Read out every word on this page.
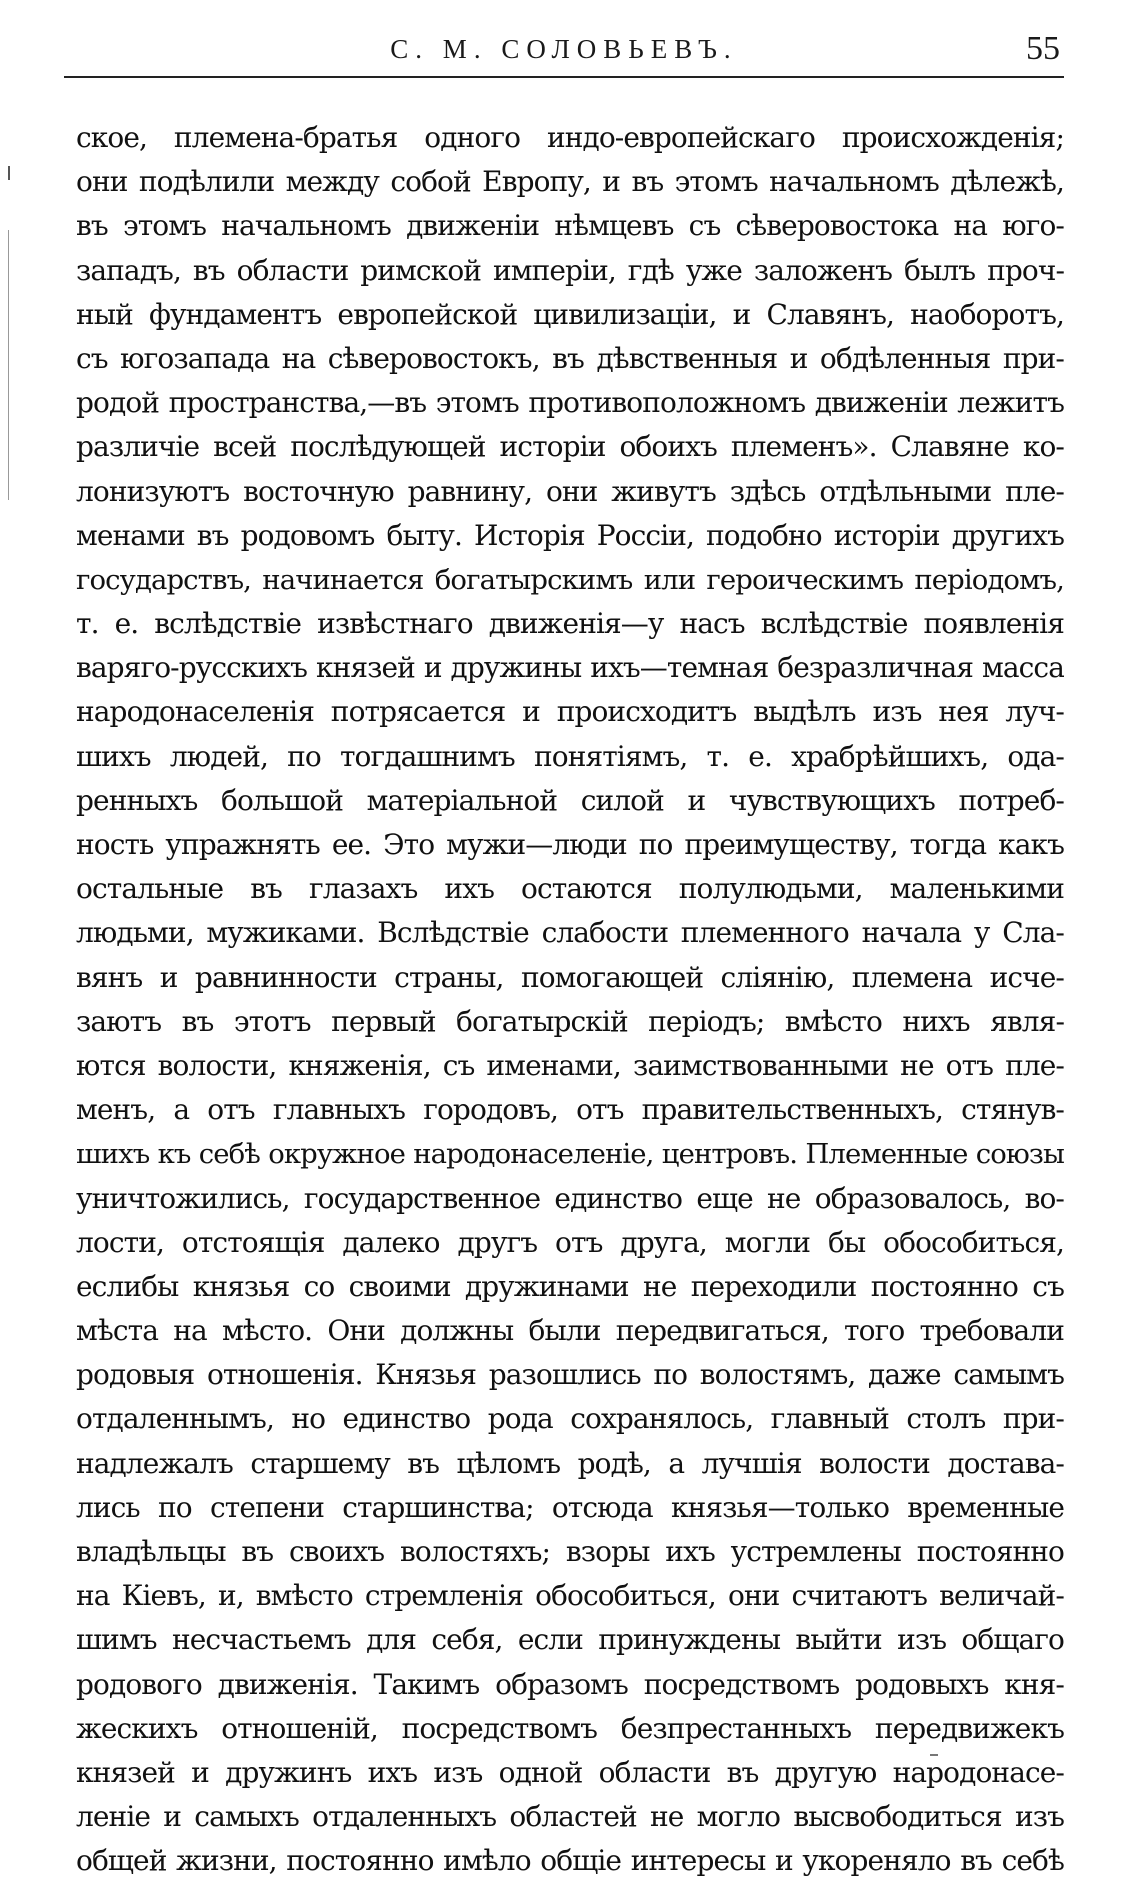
С. М. СОЛОВЬЕВЪ.	55
ское, племена-братья одного индо-европейскаго происхожденія;
они подѣлили между собой Европу, и въ этомъ начальномъ дѣлежѣ,
въ этомъ начальномъ движеніи нѣмцевъ съ сѣверовостока на юго-
западъ, въ области римской имперіи, гдѣ уже заложенъ былъ проч-
ный фундаментъ европейской цивилизаціи, и Славянъ, наоборотъ,
съ югозапада на сѣверовостокъ, въ дѣвственныя и обдѣленныя при-
родой пространства,—въ этомъ противоположномъ движеніи лежитъ
различіе всей послѣдующей исторіи обоихъ племенъ». Славяне ко-
лонизуютъ восточную равнину, они живутъ здѣсь отдѣльными пле-
менами въ родовомъ быту. Исторія Россіи, подобно исторіи другихъ
государствъ, начинается богатырскимъ или героическимъ періодомъ,
т. е. вслѣдствіе извѣстнаго движенія—у насъ вслѣдствіе появленія
варяго-русскихъ князей и дружины ихъ—темная безразличная масса
народонаселенія потрясается и происходитъ выдѣлъ изъ нея луч-
шихъ людей, по тогдашнимъ понятіямъ, т. е. храбрѣйшихъ, ода-
ренныхъ большой матеріальной силой и чувствующихъ потреб-
ность упражнять ее. Это мужи—люди по преимуществу, тогда какъ
остальные въ глазахъ ихъ остаются полулюдьми, маленькими
людьми, мужиками. Вслѣдствіе слабости племенного начала у Сла-
вянъ и равнинности страны, помогающей сліянію, племена исче-
заютъ въ этотъ первый богатырскій періодъ; вмѣсто нихъ явля-
ются волости, княженія, съ именами, заимствованными не отъ пле-
менъ, а отъ главныхъ городовъ, отъ правительственныхъ, стянув-
шихъ къ себѣ окружное народонаселеніе, центровъ. Племенные союзы
уничтожились, государственное единство еще не образовалось, во-
лости, отстоящія далеко другъ отъ друга, могли бы обособиться,
еслибы князья со своими дружинами не переходили постоянно съ
мѣста на мѣсто. Они должны были передвигаться, того требовали
родовыя отношенія. Князья разошлись по волостямъ, даже самымъ
отдаленнымъ, но единство рода сохранялось, главный столъ при-
надлежалъ старшему въ цѣломъ родѣ, а лучшія волости достава-
лись по степени старшинства; отсюда князья—только временные
владѣльцы въ своихъ волостяхъ; взоры ихъ устремлены постоянно
на Кіевъ, и, вмѣсто стремленія обособиться, они считаютъ величай-
шимъ несчастьемъ для себя, если принуждены выйти изъ общаго
родового движенія. Такимъ образомъ посредствомъ родовыхъ кня-
жескихъ отношеній, посредствомъ безпрестанныхъ передвижекъ
князей и дружинъ ихъ изъ одной области въ другую народонасе-
леніе и самыхъ отдаленныхъ областей не могло высвободиться изъ
общей жизни, постоянно имѣло общіе интересы и укореняло въ себѣ
